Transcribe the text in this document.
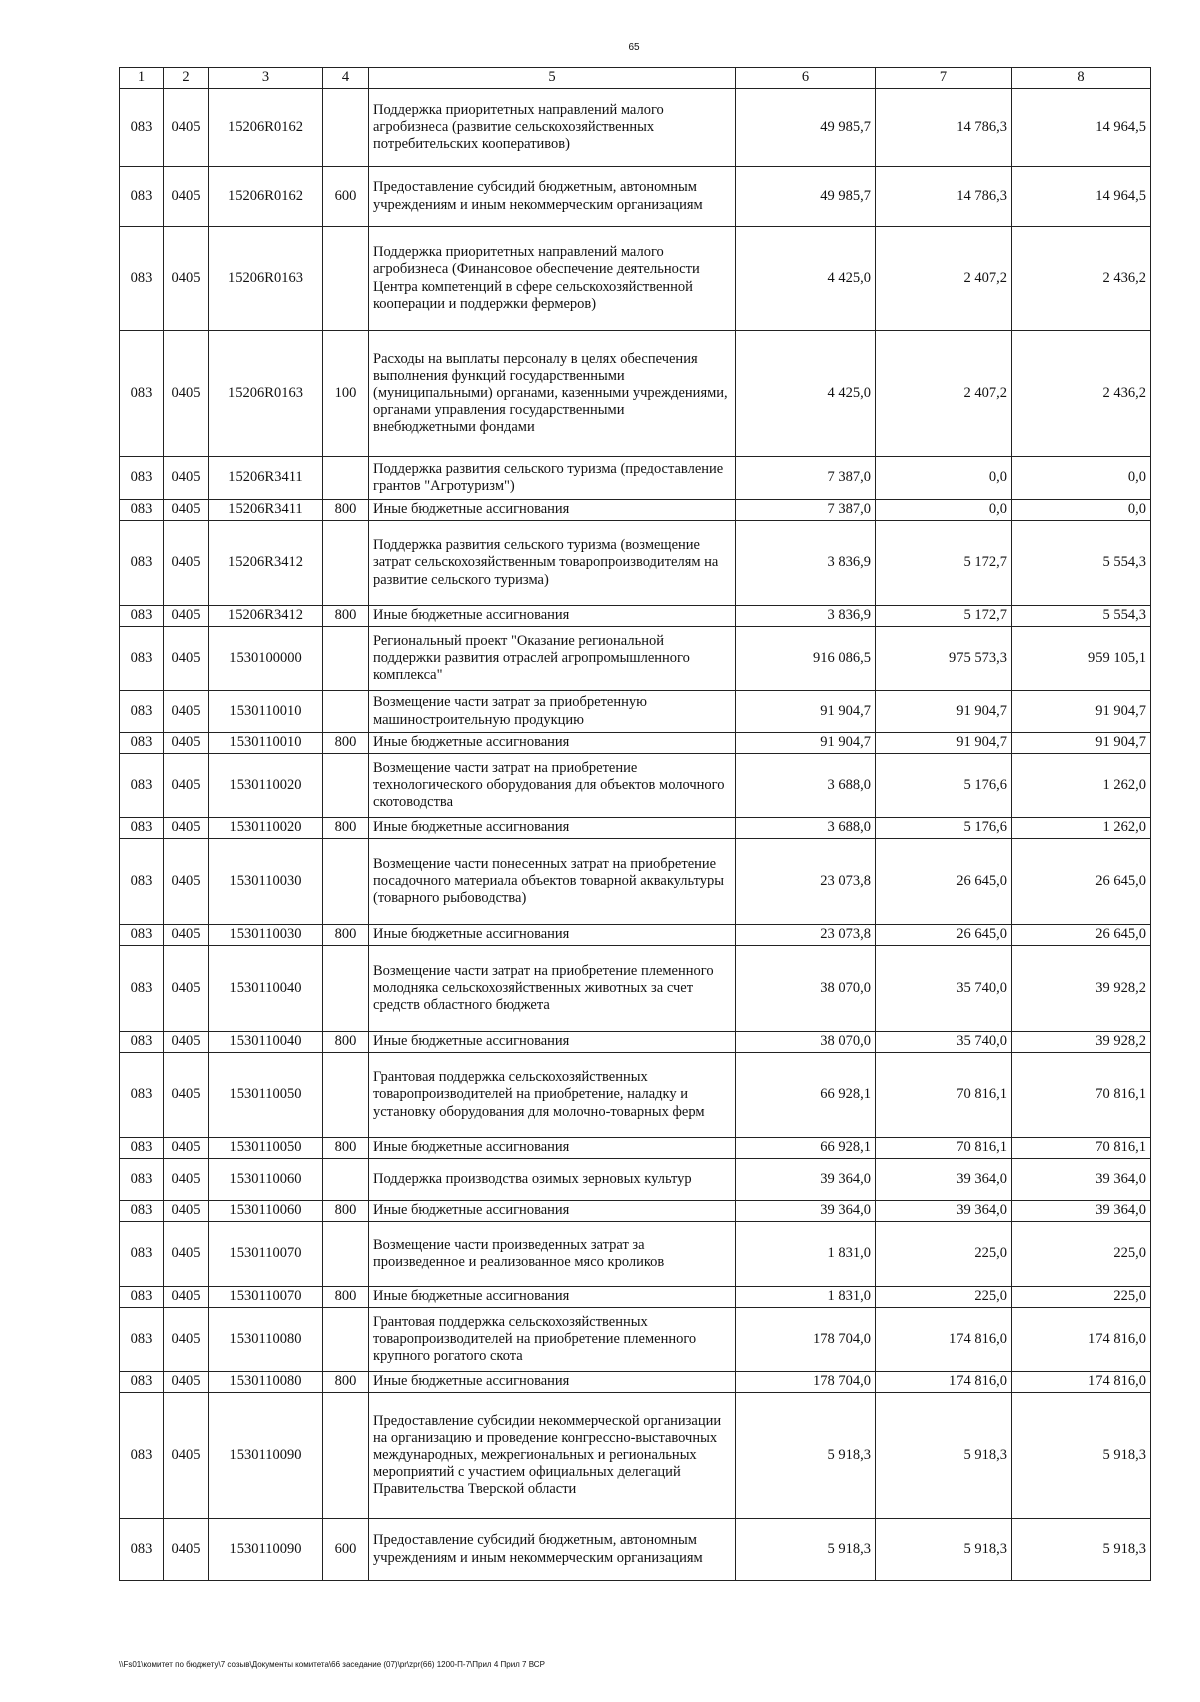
65
1	2	3	4	5	6	7	8
083	0405	15206R0162		Поддержка приоритетных направлений малого агробизнеса (развитие сельскохозяйственных потребительских кооперативов)	49 985,7	14 786,3	14 964,5
083	0405	15206R0162	600	Предоставление субсидий бюджетным, автономным учреждениям и иным некоммерческим организациям	49 985,7	14 786,3	14 964,5
083	0405	15206R0163		Поддержка приоритетных направлений малого агробизнеса (Финансовое обеспечение деятельности Центра компетенций в сфере сельскохозяйственной кооперации и поддержки фермеров)	4 425,0	2 407,2	2 436,2
083	0405	15206R0163	100	Расходы на выплаты персоналу в целях обеспечения выполнения функций государственными (муниципальными) органами, казенными учреждениями, органами управления государственными внебюджетными фондами	4 425,0	2 407,2	2 436,2
083	0405	15206R3411		Поддержка развития сельского туризма (предоставление грантов "Агротуризм")	7 387,0	0,0	0,0
083	0405	15206R3411	800	Иные бюджетные ассигнования	7 387,0	0,0	0,0
083	0405	15206R3412		Поддержка развития сельского туризма (возмещение затрат сельскохозяйственным товаропроизводителям на развитие сельского туризма)	3 836,9	5 172,7	5 554,3
083	0405	15206R3412	800	Иные бюджетные ассигнования	3 836,9	5 172,7	5 554,3
083	0405	1530100000		Региональный проект "Оказание региональной поддержки развития отраслей агропромышленного комплекса"	916 086,5	975 573,3	959 105,1
083	0405	1530110010		Возмещение части затрат за приобретенную машиностроительную продукцию	91 904,7	91 904,7	91 904,7
083	0405	1530110010	800	Иные бюджетные ассигнования	91 904,7	91 904,7	91 904,7
083	0405	1530110020		Возмещение части затрат на приобретение технологического оборудования для объектов молочного скотоводства	3 688,0	5 176,6	1 262,0
083	0405	1530110020	800	Иные бюджетные ассигнования	3 688,0	5 176,6	1 262,0
083	0405	1530110030		Возмещение части понесенных затрат на приобретение посадочного материала объектов товарной аквакультуры (товарного рыбоводства)	23 073,8	26 645,0	26 645,0
083	0405	1530110030	800	Иные бюджетные ассигнования	23 073,8	26 645,0	26 645,0
083	0405	1530110040		Возмещение части затрат на приобретение племенного молодняка сельскохозяйственных животных за счет средств областного бюджета	38 070,0	35 740,0	39 928,2
083	0405	1530110040	800	Иные бюджетные ассигнования	38 070,0	35 740,0	39 928,2
083	0405	1530110050		Грантовая поддержка сельскохозяйственных товаропроизводителей на приобретение, наладку и установку оборудования для молочно-товарных ферм	66 928,1	70 816,1	70 816,1
083	0405	1530110050	800	Иные бюджетные ассигнования	66 928,1	70 816,1	70 816,1
083	0405	1530110060		Поддержка производства озимых зерновых культур	39 364,0	39 364,0	39 364,0
083	0405	1530110060	800	Иные бюджетные ассигнования	39 364,0	39 364,0	39 364,0
083	0405	1530110070		Возмещение части произведенных затрат за произведенное и реализованное мясо кроликов	1 831,0	225,0	225,0
083	0405	1530110070	800	Иные бюджетные ассигнования	1 831,0	225,0	225,0
083	0405	1530110080		Грантовая поддержка сельскохозяйственных товаропроизводителей на приобретение племенного крупного рогатого скота	178 704,0	174 816,0	174 816,0
083	0405	1530110080	800	Иные бюджетные ассигнования	178 704,0	174 816,0	174 816,0
083	0405	1530110090		Предоставление субсидии некоммерческой организации на организацию и проведение конгрессно-выставочных международных, межрегиональных и региональных мероприятий с участием официальных делегаций Правительства Тверской области	5 918,3	5 918,3	5 918,3
083	0405	1530110090	600	Предоставление субсидий бюджетным, автономным учреждениям и иным некоммерческим организациям	5 918,3	5 918,3	5 918,3
\\Fs01\комитет по бюджету\7 созыв\Документы комитета\66 заседание (07)\pr\zpr(66) 1200-П-7\Прил 4 Прил 7 ВСР
